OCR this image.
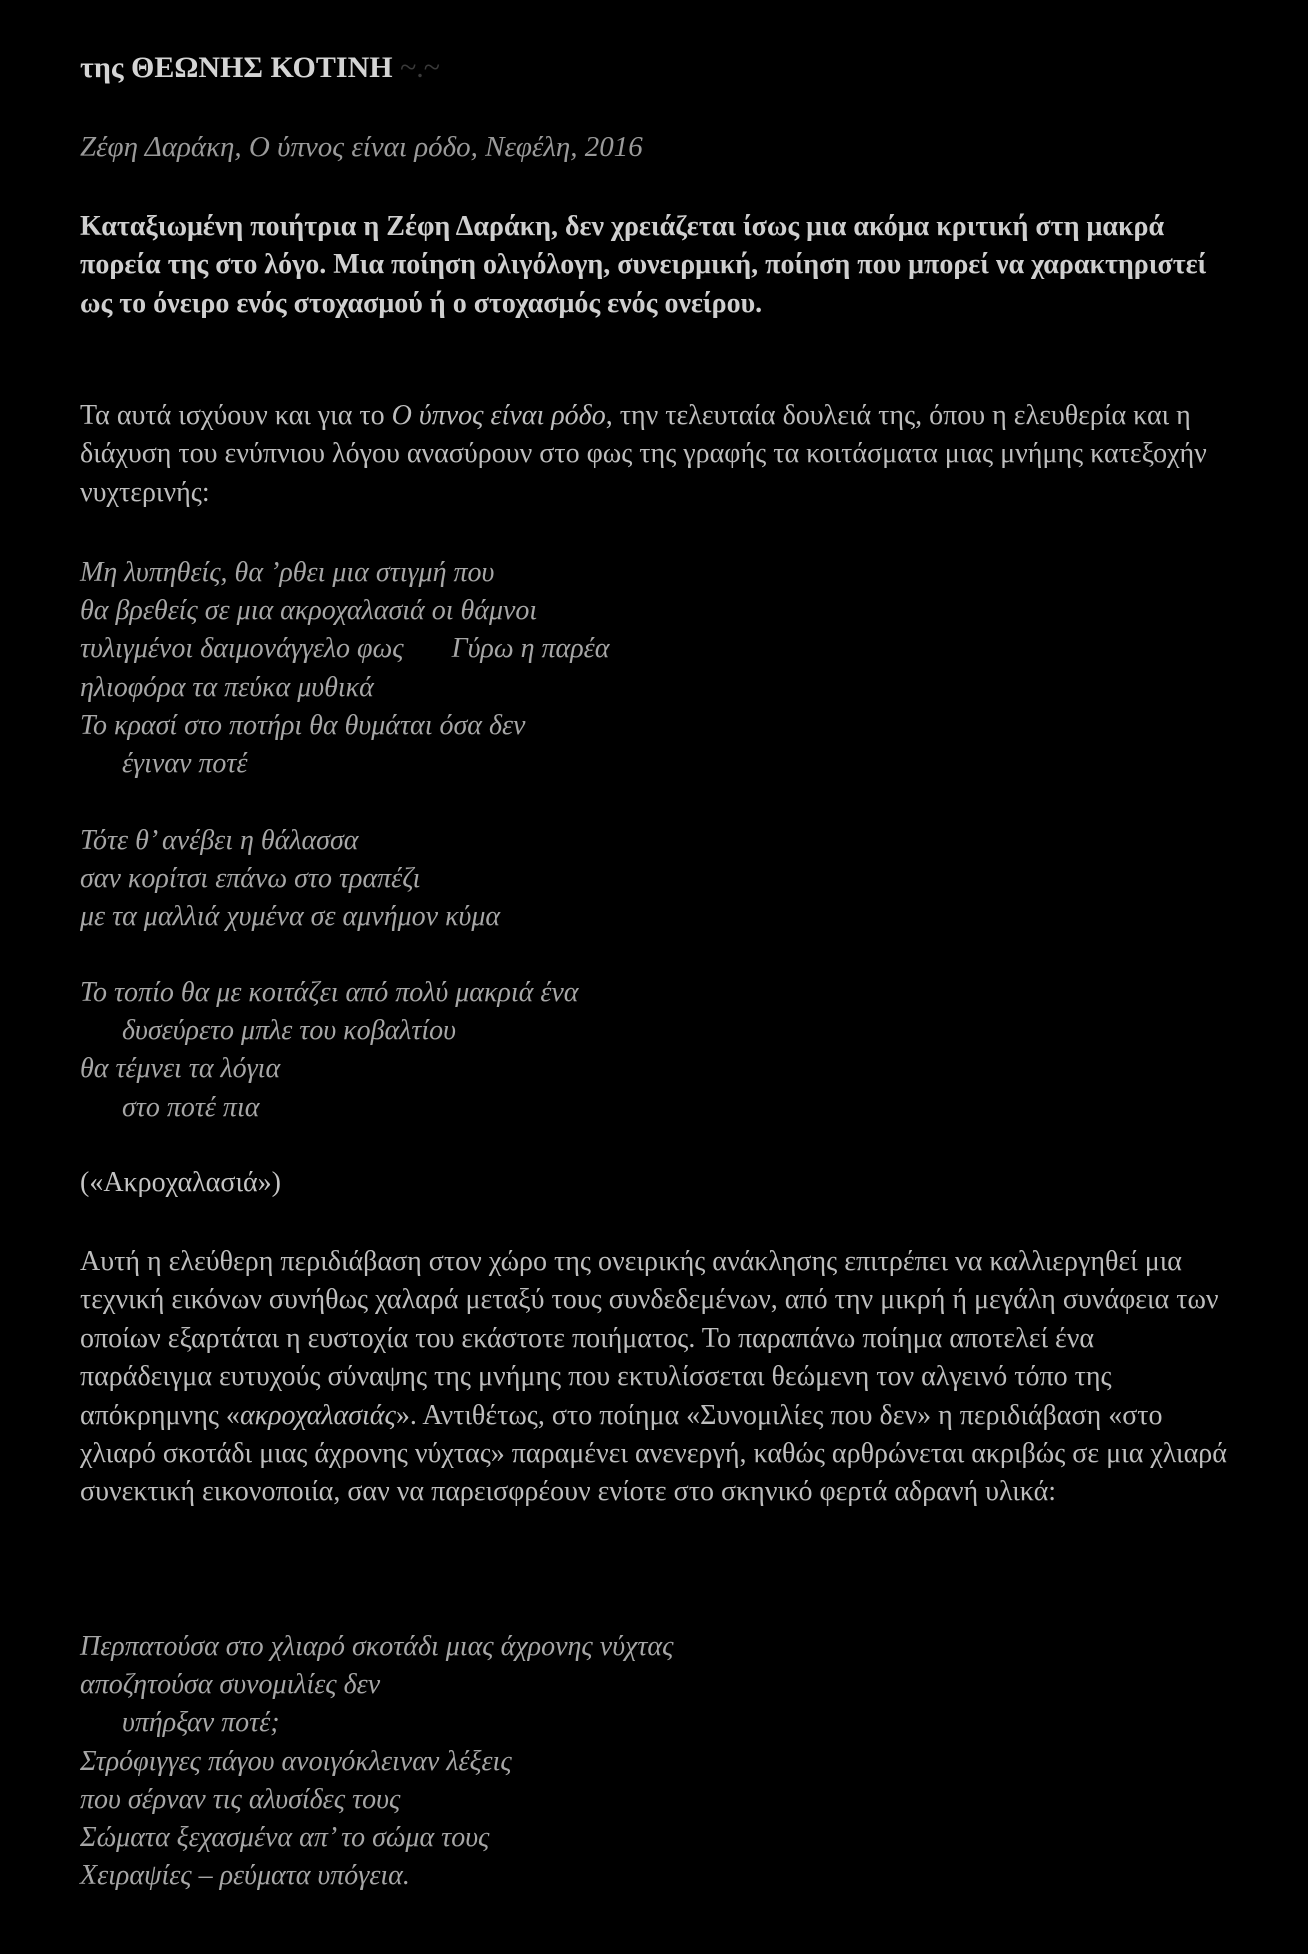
της ΘΕΩΝΗΣ ΚΟΤΙΝΗ ~.~

Ζέφη Δαράκη, Ο ύπνος είναι ρόδο, Νεφέλη, 2016

Καταξιωμένη ποιήτρια η Ζέφη Δαράκη, δεν χρειάζεται ίσως μια ακόμα κριτική στη μακρά πορεία της στο λόγο. Μια ποίηση ολιγόλογη, συνειρμική, ποίηση που μπορεί να χαρακτηριστεί ως το όνειρο ενός στοχασμού ή ο στοχασμός ενός ονείρου.

Τα αυτά ισχύουν και για το Ο ύπνος είναι ρόδο, την τελευταία δουλειά της, όπου η ελευθερία και η διάχυση του ενύπνιου λόγου ανασύρουν στο φως της γραφής τα κοιτάσματα μιας μνήμης κατεξοχήν νυχτερινής:

Μη λυπηθείς, θα ’ρθει μια στιγμή που
θα βρεθείς σε μια ακροχαλασιά οι θάμνοι
τυλιγμένοι δαιμονάγγελο φως Γύρω η παρέα
ηλιοφόρα τα πεύκα μυθικά
Το κρασί στο ποτήρι θα θυμάται όσα δεν
έγιναν ποτέ
Τότε θ’ ανέβει η θάλασσα
σαν κορίτσι επάνω στο τραπέζι
με τα μαλλιά χυμένα σε αμνήμον κύμα
Το τοπίο θα με κοιτάζει από πολύ μακριά ένα
δυσεύρετο μπλε του κοβαλτίου
θα τέμνει τα λόγια
στο ποτέ πια

(«Ακροχαλασιά»)

Αυτή η ελεύθερη περιδιάβαση στον χώρο της ονειρικής ανάκλησης επιτρέπει να καλλιεργηθεί μια τεχνική εικόνων συνήθως χαλαρά μεταξύ τους συνδεδεμένων, από την μικρή ή μεγάλη συνάφεια των οποίων εξαρτάται η ευστοχία του εκάστοτε ποιήματος. Το παραπάνω ποίημα αποτελεί ένα παράδειγμα ευτυχούς σύναψης της μνήμης που εκτυλίσσεται θεώμενη τον αλγεινό τόπο της απόκρημνης «ακροχαλασιάς». Αντιθέτως, στο ποίημα «Συνομιλίες που δεν» η περιδιάβαση «στο χλιαρό σκοτάδι μιας άχρονης νύχτας» παραμένει ανενεργή, καθώς αρθρώνεται ακριβώς σε μια χλιαρά συνεκτική εικονοποιία, σαν να παρεισφρέουν ενίοτε στο σκηνικό φερτά αδρανή υλικά:

Περπατούσα στο χλιαρό σκοτάδι μιας άχρονης νύχτας
αποζητούσα συνομιλίες δεν
υπήρξαν ποτέ;
Στρόφιγγες πάγου ανοιγόκλειναν λέξεις
που σέρναν τις αλυσίδες τους
Σώματα ξεχασμένα απ’ το σώμα τους
Χειραψίες – ρεύματα υπόγεια.
